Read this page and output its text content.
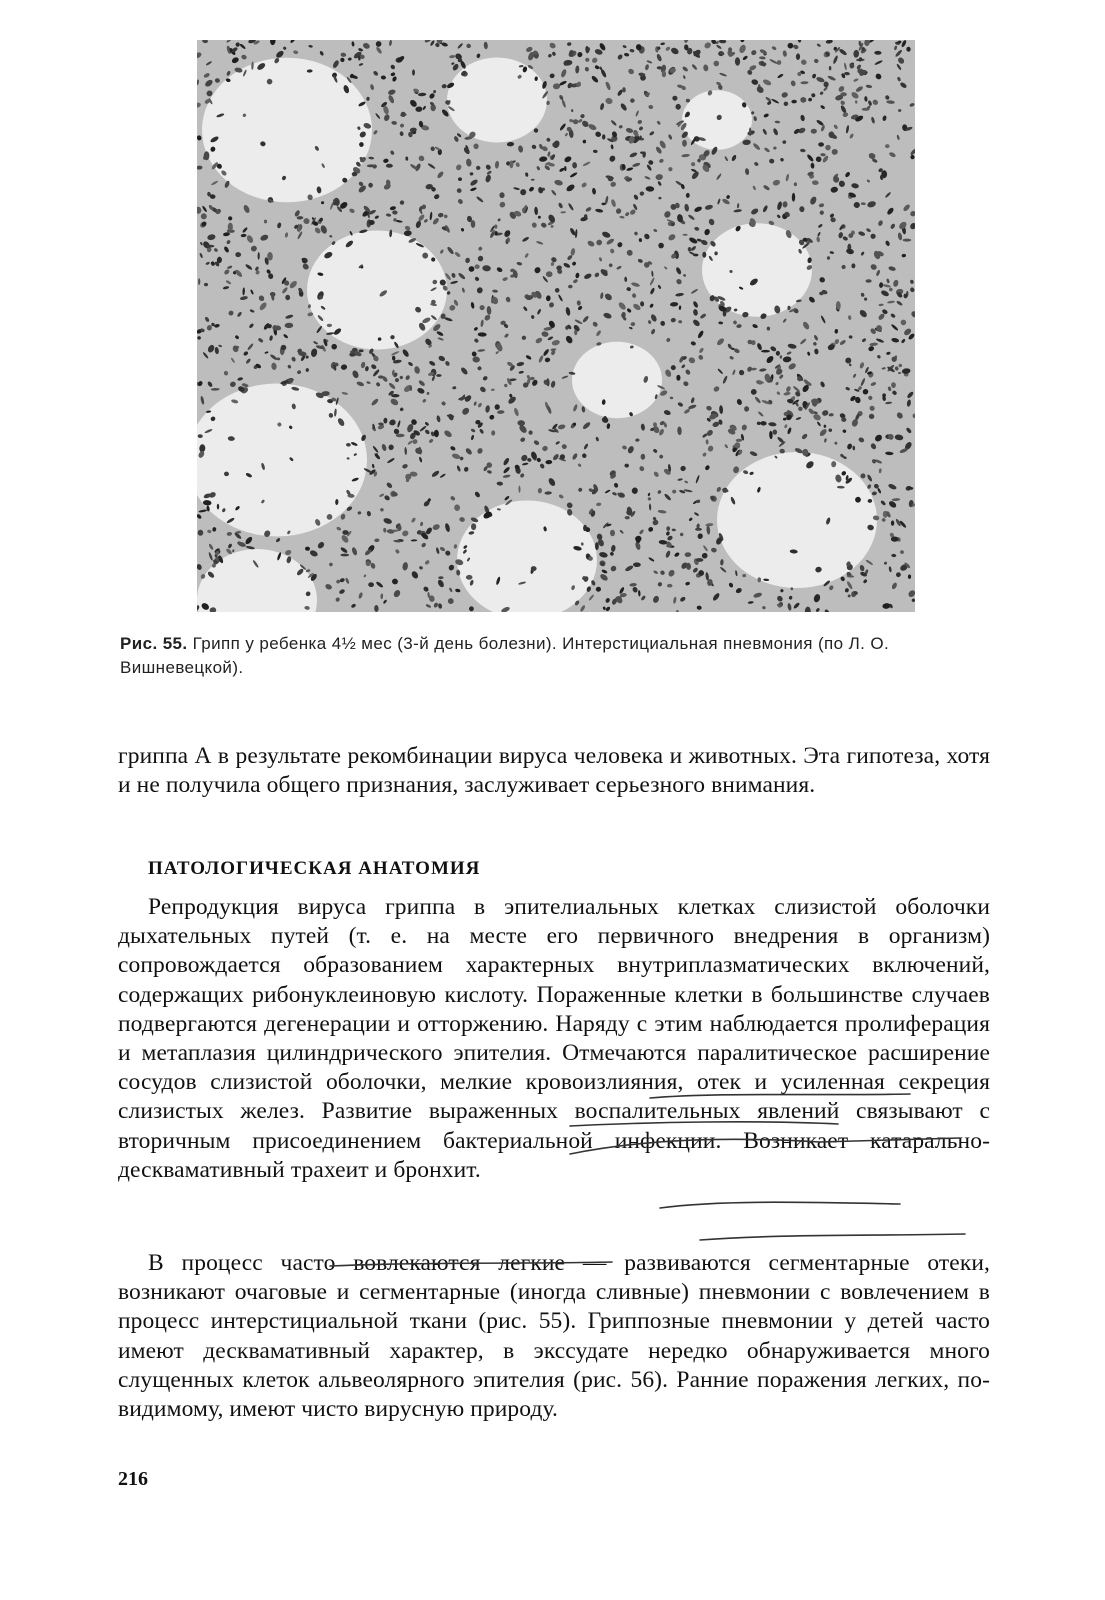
Рис. 55. Грипп у ребенка 4½ мес (3-й день болезни). Интерстициальная пневмония (по Л. О. Вишневецкой).

гриппа А в результате рекомбинации вируса человека и животных. Эта гипотеза, хотя и не получила общего признания, заслуживает серьезного внимания.

ПАТОЛОГИЧЕСКАЯ АНАТОМИЯ

Репродукция вируса гриппа в эпителиальных клетках слизистой оболочки дыхательных путей (т. е. на месте его первичного внедрения в организм) сопровождается образованием характерных внутриплазматических включений, содержащих рибонуклеиновую кислоту. Пораженные клетки в большинстве случаев подвергаются дегенерации и отторжению. Наряду с этим наблюдается пролиферация и метаплазия цилиндрического эпителия. Отмечаются паралитическое расширение сосудов слизистой оболочки, мелкие кровоизлияния, отек и усиленная секреция слизистых желез. Развитие выраженных воспалительных явлений связывают с вторичным присоединением бактериальной инфекции. Возникает катарально-десквамативный трахеит и бронхит.

В процесс часто вовлекаются легкие — развиваются сегментарные отеки, возникают очаговые и сегментарные (иногда сливные) пневмонии с вовлечением в процесс интерстициальной ткани (рис. 55). Гриппозные пневмонии у детей часто имеют десквамативный характер, в экссудате нередко обнаруживается много слущенных клеток альвеолярного эпителия (рис. 56). Ранние поражения легких, по-видимому, имеют чисто вирусную природу.

216
